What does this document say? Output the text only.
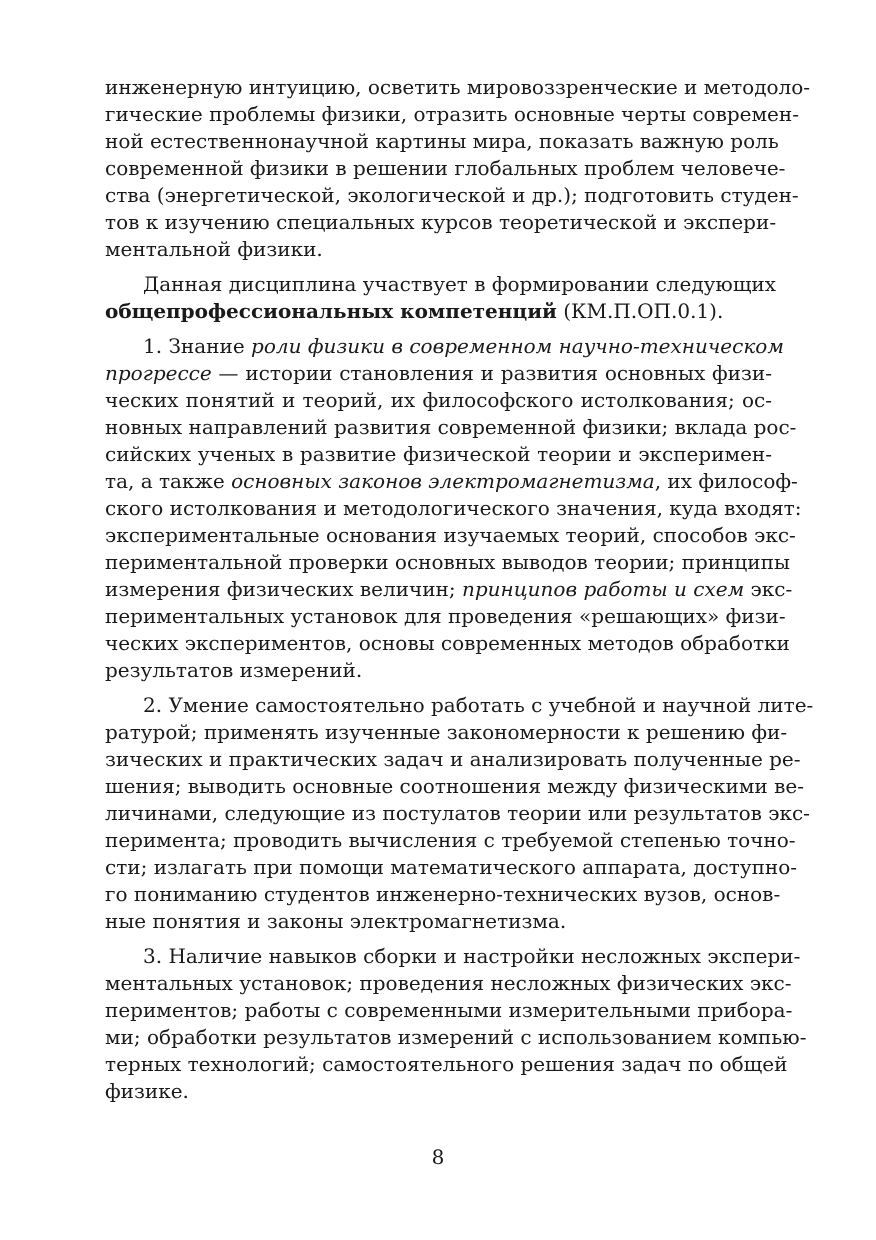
инженерную интуицию, осветить мировоззренческие и методоло-
гические проблемы физики, отразить основные черты современ-
ной естественнонаучной картины мира, показать важную роль
современной физики в решении глобальных проблем человече-
ства (энергетической, экологической и др.); подготовить студен-
тов к изучению специальных курсов теоретической и экспери-
ментальной физики.
Данная дисциплина участвует в формировании следующих
общепрофессиональных компетенций (КМ.П.ОП.0.1).
1. Знание роли физики в современном научно-техническом
прогрессе — истории становления и развития основных физи-
ческих понятий и теорий, их философского истолкования; ос-
новных направлений развития современной физики; вклада рос-
сийских ученых в развитие физической теории и эксперимен-
та, а также основных законов электромагнетизма, их философ-
ского истолкования и методологического значения, куда входят:
экспериментальные основания изучаемых теорий, способов экс-
периментальной проверки основных выводов теории; принципы
измерения физических величин; принципов работы и схем экс-
периментальных установок для проведения «решающих» физи-
ческих экспериментов, основы современных методов обработки
результатов измерений.
2. Умение самостоятельно работать с учебной и научной лите-
ратурой; применять изученные закономерности к решению фи-
зических и практических задач и анализировать полученные ре-
шения; выводить основные соотношения между физическими ве-
личинами, следующие из постулатов теории или результатов экс-
перимента; проводить вычисления с требуемой степенью точно-
сти; излагать при помощи математического аппарата, доступно-
го пониманию студентов инженерно-технических вузов, основ-
ные понятия и законы электромагнетизма.
3. Наличие навыков сборки и настройки несложных экспери-
ментальных установок; проведения несложных физических экс-
периментов; работы с современными измерительными прибора-
ми; обработки результатов измерений с использованием компью-
терных технологий; самостоятельного решения задач по общей
физике.
8
